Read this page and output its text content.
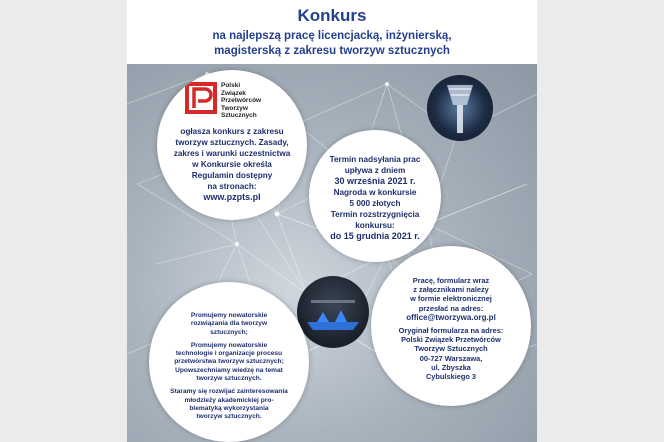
Konkurs
na najlepszą pracę licencjacką, inżynierską,
magisterską z zakresu tworzyw sztucznych
Polski
Związek
Przetwórców
Tworzyw
Sztucznych
ogłasza konkurs z zakresu
tworzyw sztucznych. Zasady,
zakres i warunki uczestnictwa
w Konkursie określa
Regulamin dostępny
na stronach:
www.pzpts.pl
Termin nadsyłania prac
upływa z dniem
30 września 2021 r.
Nagroda w konkursie
5 000 złotych
Termin rozstrzygnięcia
konkursu:
do 15 grudnia 2021 r.
Promujemy nowatorskie
rozwiązania dla tworzyw
sztucznych;
Promujemy nowatorskie
technologie i organizacje procesu
przetwórstwa tworzyw sztucznych;
Upowszechniamy wiedzę na temat
tworzyw sztucznych.
Staramy się rozwijać zainteresowania
młodzieży akademickiej pro-
blematyką wykorzystania
tworzyw sztucznych.
Pracę, formularz wraz
z załącznikami należy
w formie elektronicznej
przesłać na adres:
office@tworzywa.org.pl
Oryginał formularza na adres:
Polski Związek Przetwórców
Tworzyw Sztucznych
00-727 Warszawa,
ul. Zbyszka
Cybulskiego 3
